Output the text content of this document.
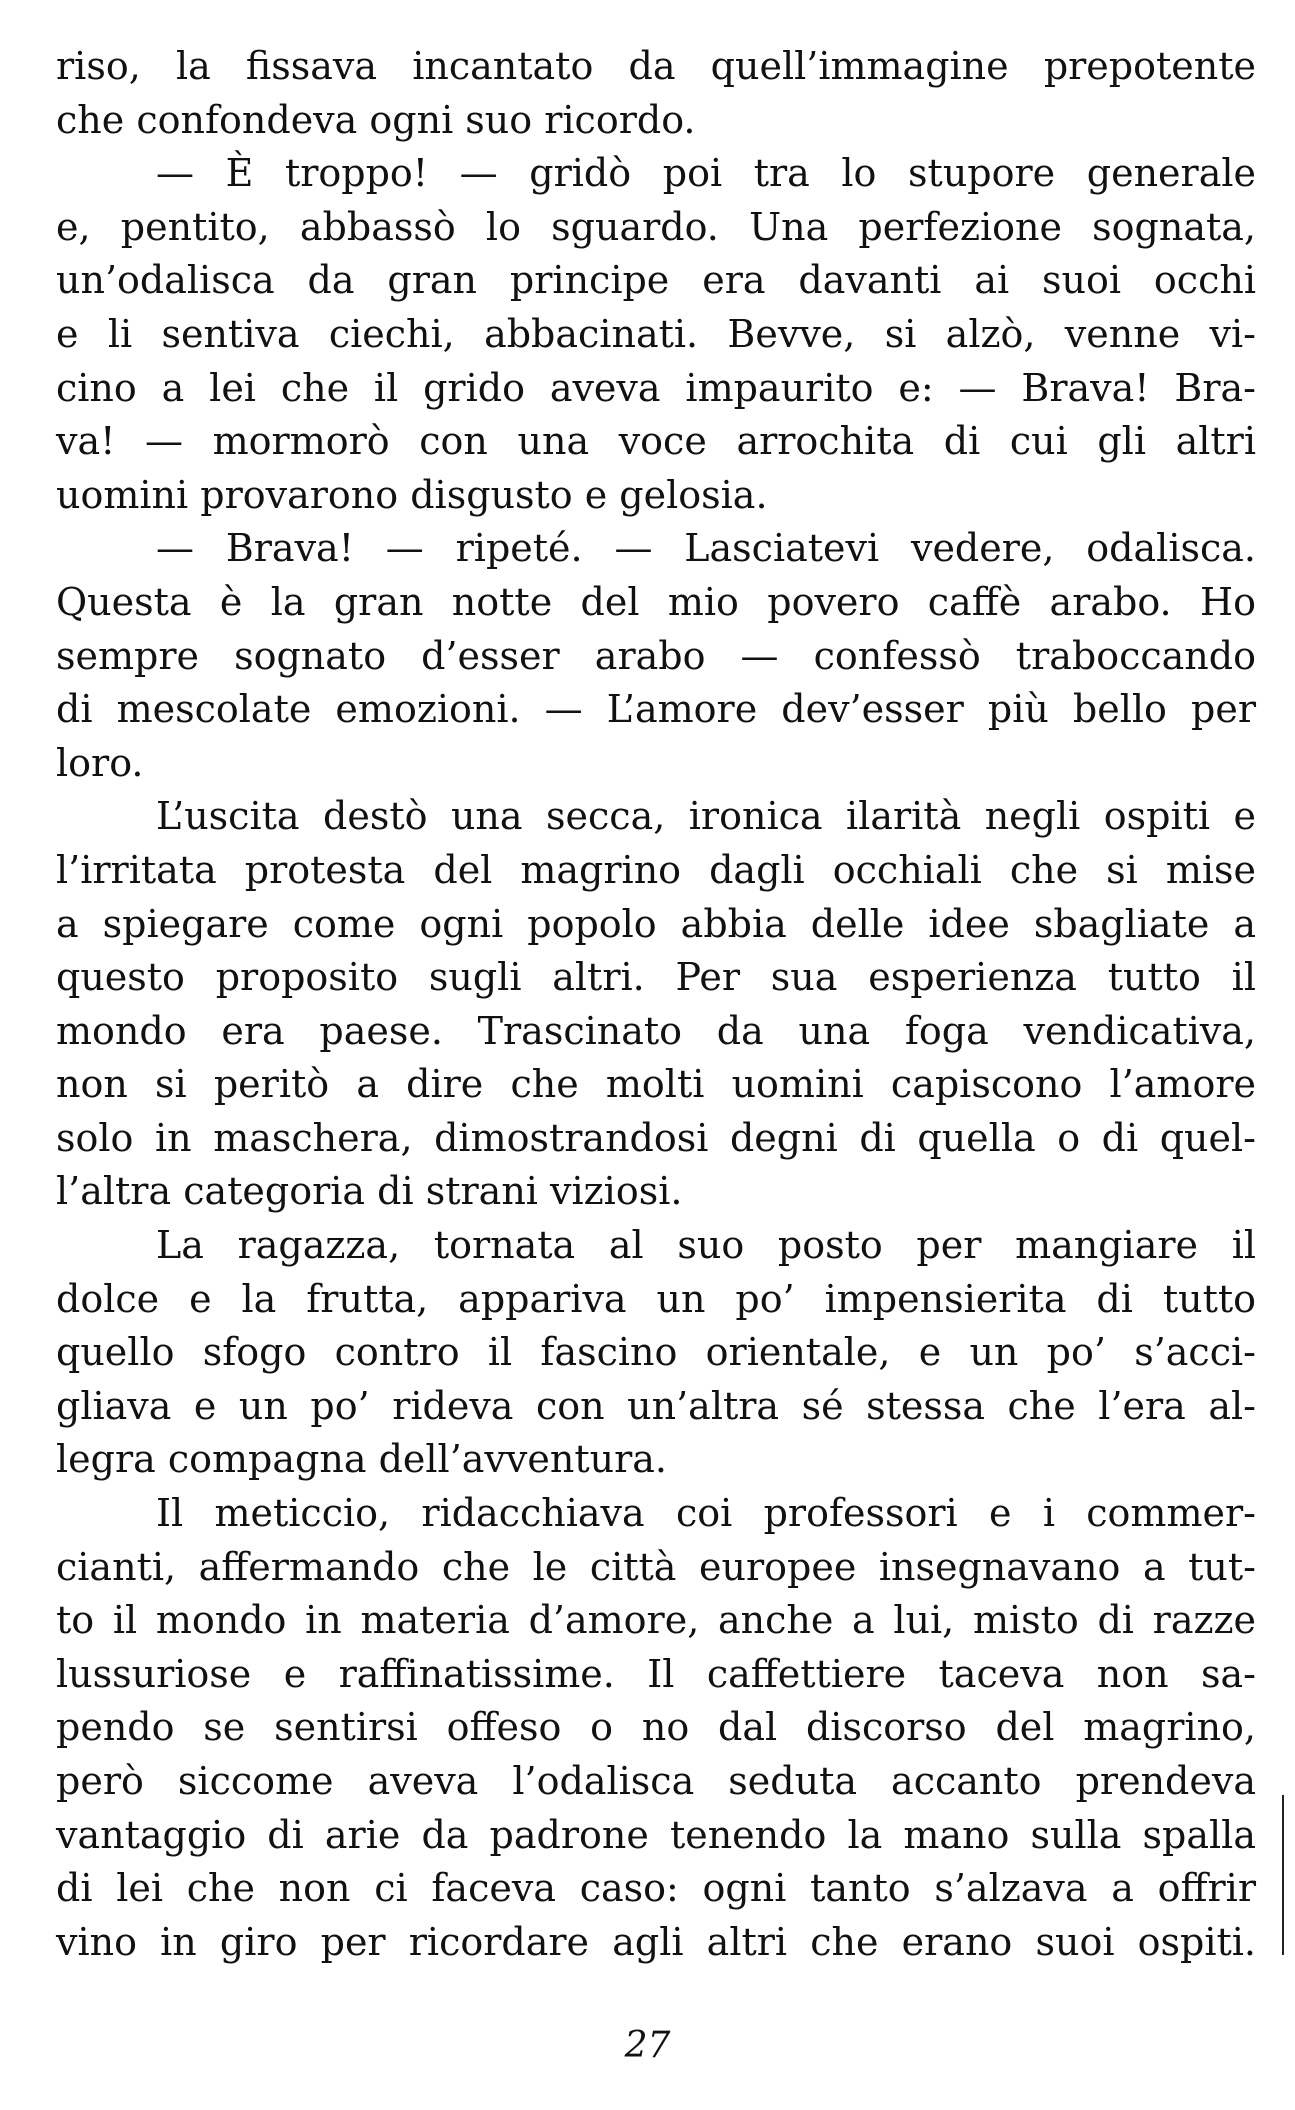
riso, la fissava incantato da quell’immagine prepotente
che confondeva ogni suo ricordo.
— È troppo! — gridò poi tra lo stupore generale
e, pentito, abbassò lo sguardo. Una perfezione sognata,
un’odalisca da gran principe era davanti ai suoi occhi
e li sentiva ciechi, abbacinati. Bevve, si alzò, venne vi-
cino a lei che il grido aveva impaurito e: — Brava! Bra-
va! — mormorò con una voce arrochita di cui gli altri
uomini provarono disgusto e gelosia.
— Brava! — ripeté. — Lasciatevi vedere, odalisca.
Questa è la gran notte del mio povero caffè arabo. Ho
sempre sognato d’esser arabo — confessò traboccando
di mescolate emozioni. — L’amore dev’esser più bello per
loro.
L’uscita destò una secca, ironica ilarità negli ospiti e
l’irritata protesta del magrino dagli occhiali che si mise
a spiegare come ogni popolo abbia delle idee sbagliate a
questo proposito sugli altri. Per sua esperienza tutto il
mondo era paese. Trascinato da una foga vendicativa,
non si peritò a dire che molti uomini capiscono l’amore
solo in maschera, dimostrandosi degni di quella o di quel-
l’altra categoria di strani viziosi.
La ragazza, tornata al suo posto per mangiare il
dolce e la frutta, appariva un po’ impensierita di tutto
quello sfogo contro il fascino orientale, e un po’ s’acci-
gliava e un po’ rideva con un’altra sé stessa che l’era al-
legra compagna dell’avventura.
Il meticcio, ridacchiava coi professori e i commer-
cianti, affermando che le città europee insegnavano a tut-
to il mondo in materia d’amore, anche a lui, misto di razze
lussuriose e raffinatissime. Il caffettiere taceva non sa-
pendo se sentirsi offeso o no dal discorso del magrino,
però siccome aveva l’odalisca seduta accanto prendeva
vantaggio di arie da padrone tenendo la mano sulla spalla
di lei che non ci faceva caso: ogni tanto s’alzava a offrir
vino in giro per ricordare agli altri che erano suoi ospiti.
27
